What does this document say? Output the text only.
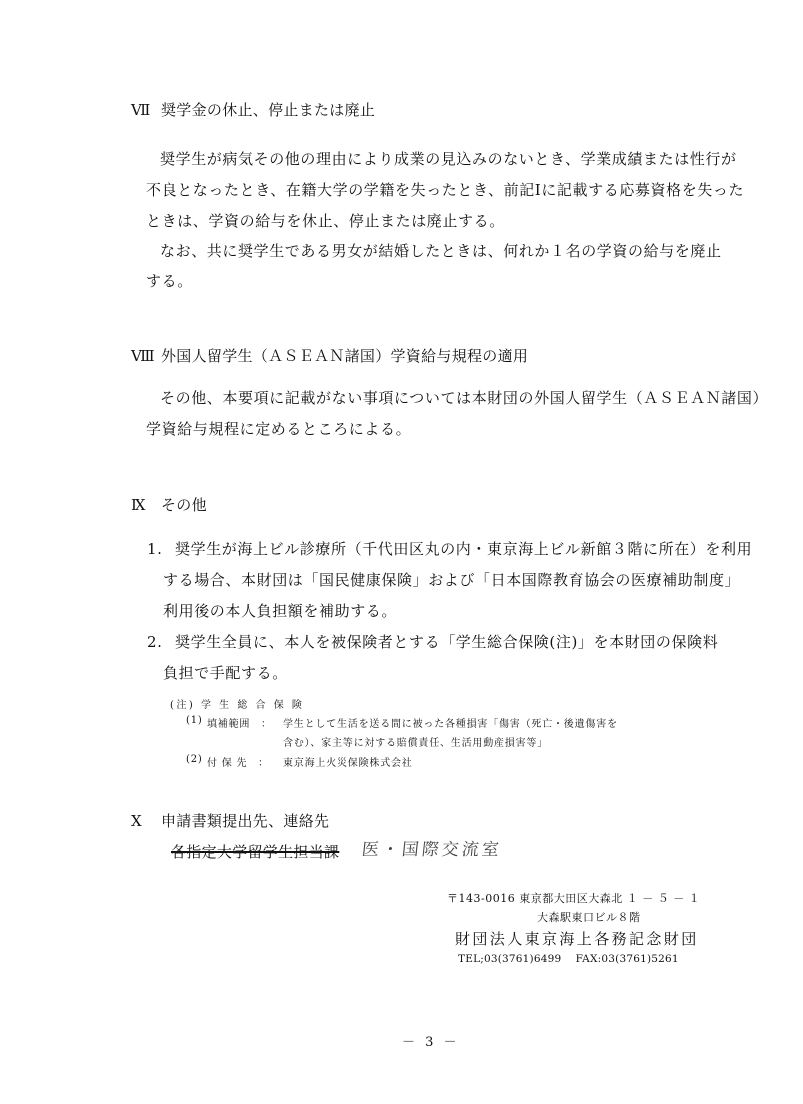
Ⅶ 奨学金の休止、停止または廃止
奨学生が病気その他の理由により成業の見込みのないとき、学業成績または性行が
不良となったとき、在籍大学の学籍を失ったとき、前記Ⅰに記載する応募資格を失った
ときは、学資の給与を休止、停止または廃止する。
なお、共に奨学生である男女が結婚したときは、何れか１名の学資の給与を廃止
する。
Ⅷ 外国人留学生（ＡＳＥＡＮ諸国）学資給与規程の適用
その他、本要項に記載がない事項については本財団の外国人留学生（ＡＳＥＡＮ諸国）
学資給与規程に定めるところによる。
Ⅸ その他
1. 奨学生が海上ビル診療所（千代田区丸の内・東京海上ビル新館３階に所在）を利用
する場合、本財団は「国民健康保険」および「日本国際教育協会の医療補助制度」
利用後の本人負担額を補助する。
2. 奨学生全員に、本人を被保険者とする「学生総合保険(注)」を本財団の保険料
負担で手配する。
(注) 学 生 総 合 保 険
(1) 填補範囲　： 学生として生活を送る間に被った各種損害「傷害（死亡・後遺傷害を
含む）、家主等に対する賠償責任、生活用動産損害等」
(2) 付 保 先　： 東京海上火災保険株式会社
Ⅹ 申請書類提出先、連絡先
各指定大学留学生担当課 医・国際交流室
〒143-0016 東京都大田区大森北 １ － ５ － １
大森駅東口ビル８階
財団法人東京海上各務記念財団
TEL;03(3761)6499　 FAX:03(3761)5261
－ 3 －
